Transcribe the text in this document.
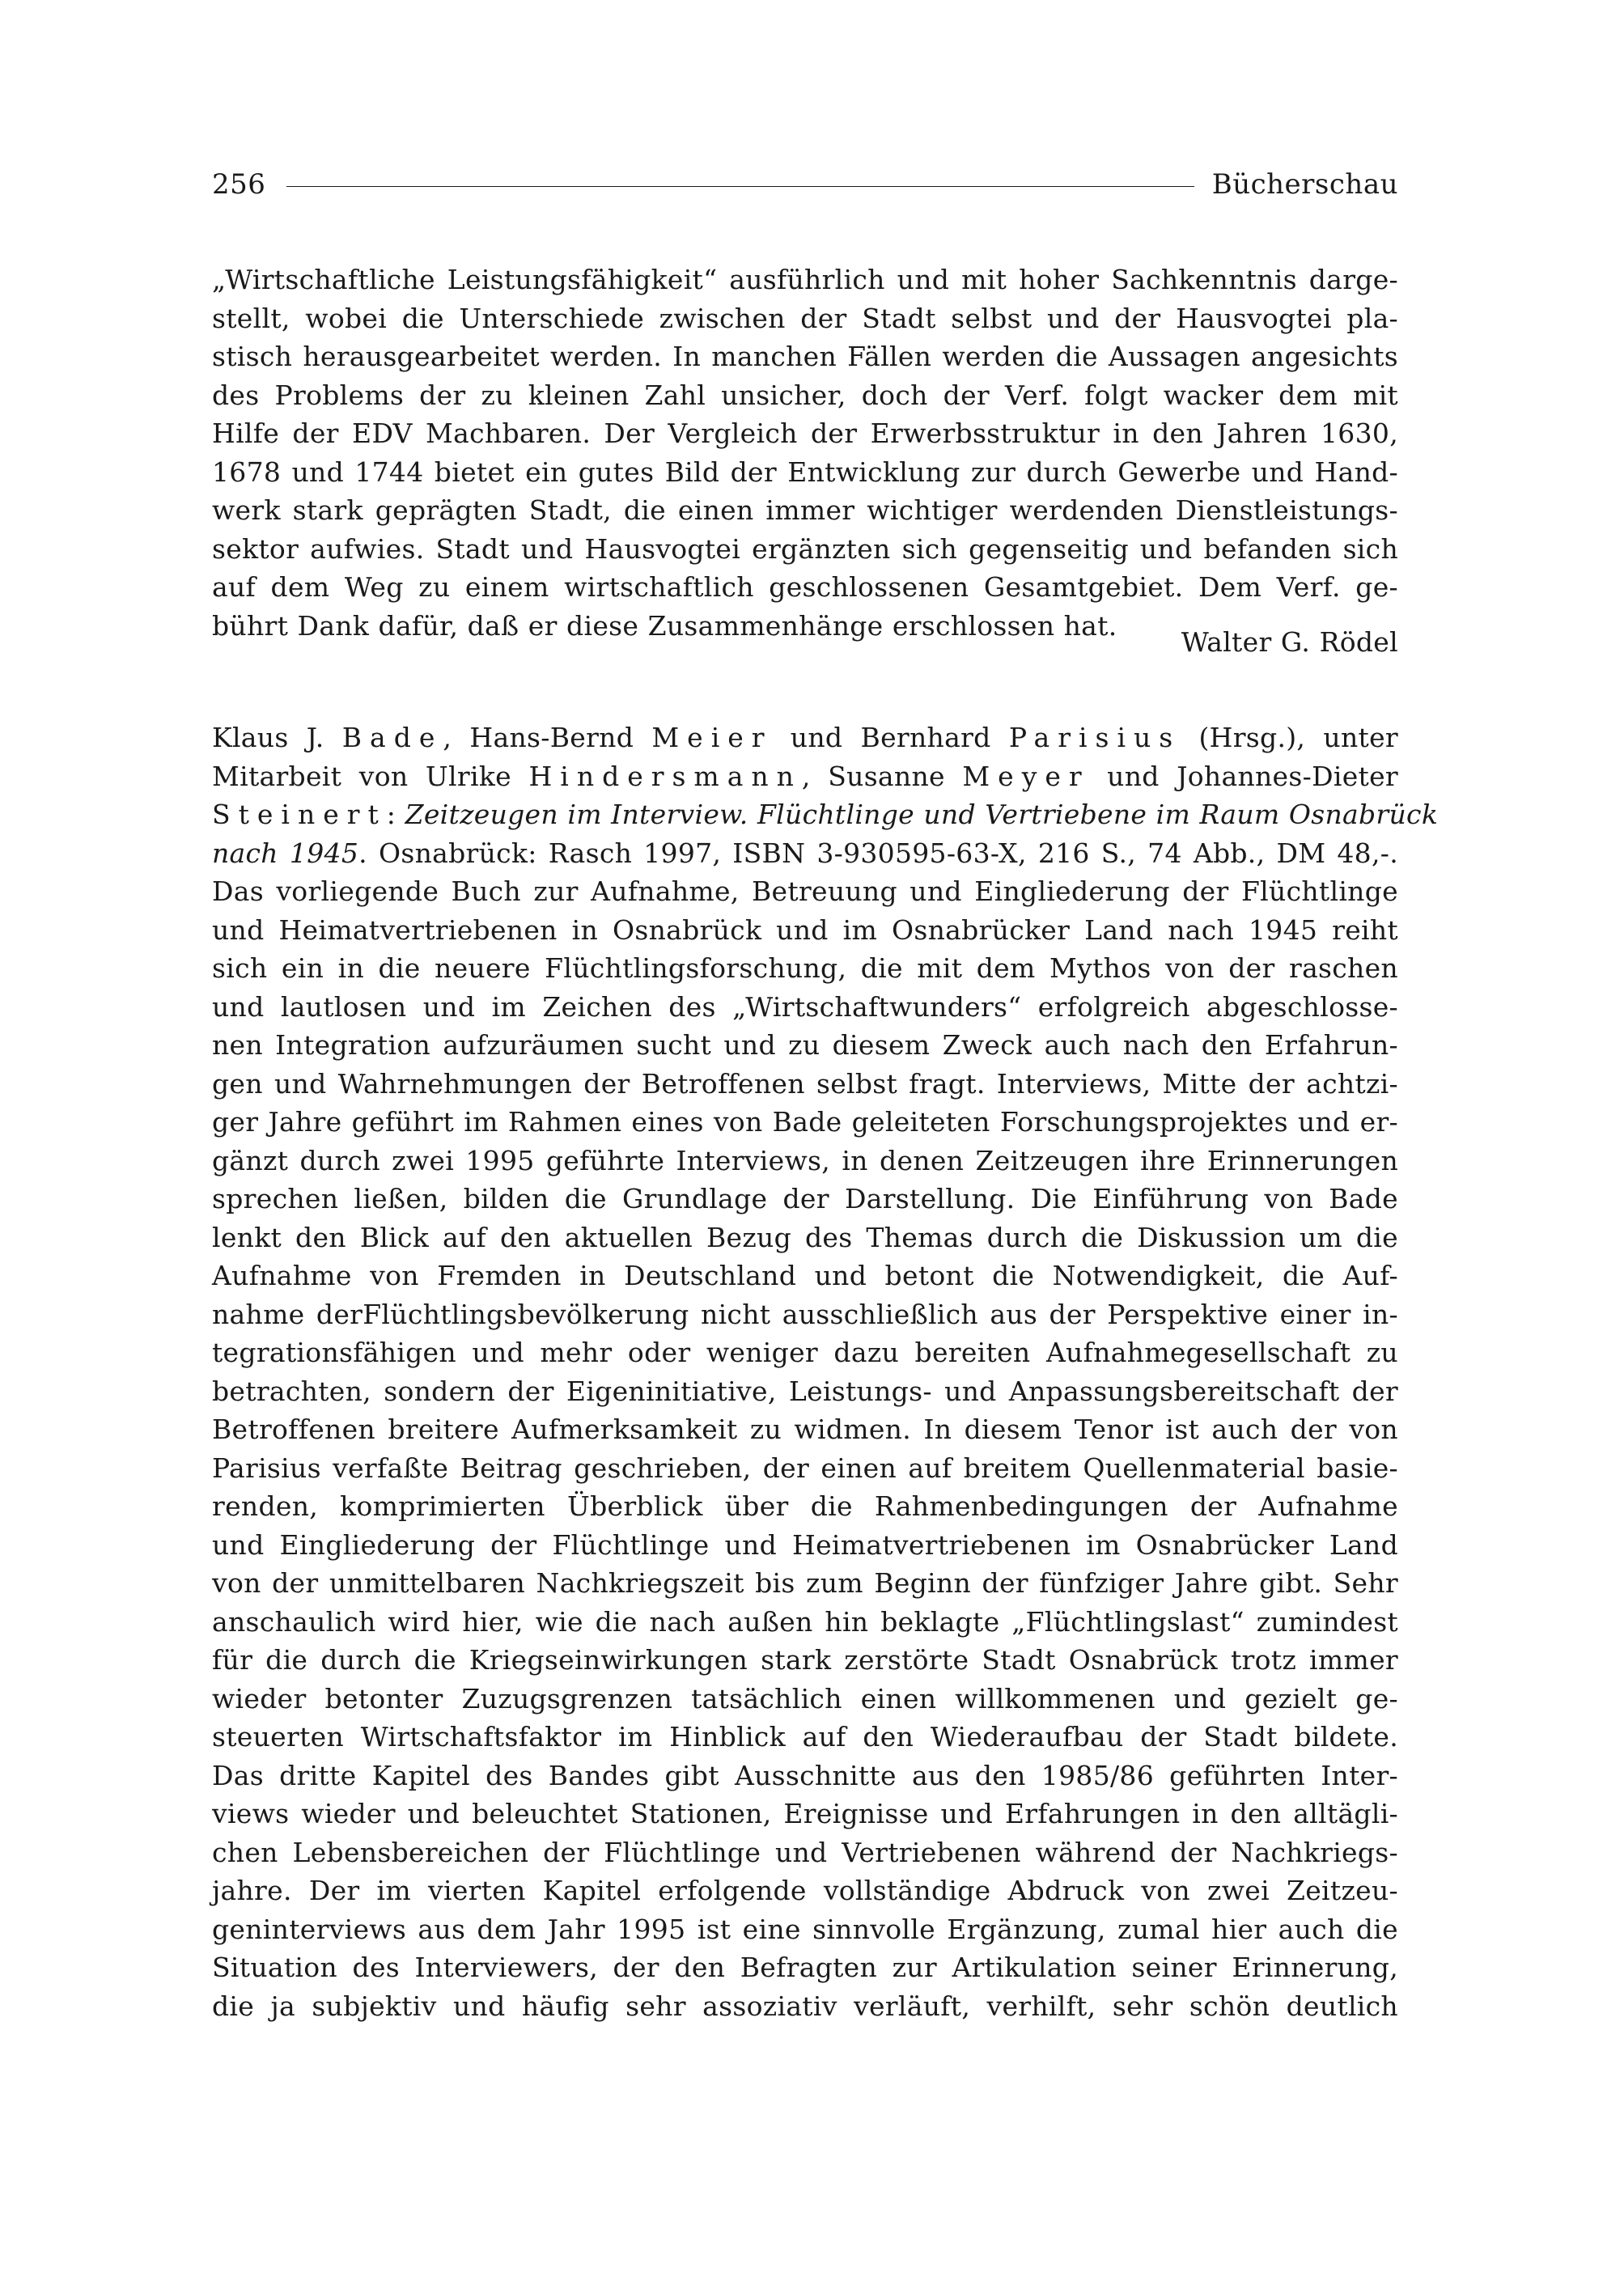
256	Bücherschau
„Wirtschaftliche Leistungsfähigkeit“ ausführlich und mit hoher Sachkenntnis darge-
stellt, wobei die Unterschiede zwischen der Stadt selbst und der Hausvogtei pla-
stisch herausgearbeitet werden. In manchen Fällen werden die Aussagen angesichts
des Problems der zu kleinen Zahl unsicher, doch der Verf. folgt wacker dem mit
Hilfe der EDV Machbaren. Der Vergleich der Erwerbsstruktur in den Jahren 1630,
1678 und 1744 bietet ein gutes Bild der Entwicklung zur durch Gewerbe und Hand-
werk stark geprägten Stadt, die einen immer wichtiger werdenden Dienstleistungs-
sektor aufwies. Stadt und Hausvogtei ergänzten sich gegenseitig und befanden sich
auf dem Weg zu einem wirtschaftlich geschlossenen Gesamtgebiet. Dem Verf. ge-
bührt Dank dafür, daß er diese Zusammenhänge erschlossen hat.
Walter G. Rödel
Klaus J. Bade, Hans-Bernd Meier und Bernhard Parisius (Hrsg.), unter
Mitarbeit von Ulrike Hindersmann, Susanne Meyer und Johannes-Dieter
Steinert: Zeitzeugen im Interview. Flüchtlinge und Vertriebene im Raum Osnabrück
nach 1945. Osnabrück: Rasch 1997, ISBN 3-930595-63-X, 216 S., 74 Abb., DM 48,-.
Das vorliegende Buch zur Aufnahme, Betreuung und Eingliederung der Flüchtlinge
und Heimatvertriebenen in Osnabrück und im Osnabrücker Land nach 1945 reiht
sich ein in die neuere Flüchtlingsforschung, die mit dem Mythos von der raschen
und lautlosen und im Zeichen des „Wirtschaftwunders“ erfolgreich abgeschlosse-
nen Integration aufzuräumen sucht und zu diesem Zweck auch nach den Erfahrun-
gen und Wahrnehmungen der Betroffenen selbst fragt. Interviews, Mitte der achtzi-
ger Jahre geführt im Rahmen eines von Bade geleiteten Forschungsprojektes und er-
gänzt durch zwei 1995 geführte Interviews, in denen Zeitzeugen ihre Erinnerungen
sprechen ließen, bilden die Grundlage der Darstellung. Die Einführung von Bade
lenkt den Blick auf den aktuellen Bezug des Themas durch die Diskussion um die
Aufnahme von Fremden in Deutschland und betont die Notwendigkeit, die Auf-
nahme derFlüchtlingsbevölkerung nicht ausschließlich aus der Perspektive einer in-
tegrationsfähigen und mehr oder weniger dazu bereiten Aufnahmegesellschaft zu
betrachten, sondern der Eigeninitiative, Leistungs- und Anpassungsbereitschaft der
Betroffenen breitere Aufmerksamkeit zu widmen. In diesem Tenor ist auch der von
Parisius verfaßte Beitrag geschrieben, der einen auf breitem Quellenmaterial basie-
renden, komprimierten Überblick über die Rahmenbedingungen der Aufnahme
und Eingliederung der Flüchtlinge und Heimatvertriebenen im Osnabrücker Land
von der unmittelbaren Nachkriegszeit bis zum Beginn der fünfziger Jahre gibt. Sehr
anschaulich wird hier, wie die nach außen hin beklagte „Flüchtlingslast“ zumindest
für die durch die Kriegseinwirkungen stark zerstörte Stadt Osnabrück trotz immer
wieder betonter Zuzugsgrenzen tatsächlich einen willkommenen und gezielt ge-
steuerten Wirtschaftsfaktor im Hinblick auf den Wiederaufbau der Stadt bildete.
Das dritte Kapitel des Bandes gibt Ausschnitte aus den 1985/86 geführten Inter-
views wieder und beleuchtet Stationen, Ereignisse und Erfahrungen in den alltägli-
chen Lebensbereichen der Flüchtlinge und Vertriebenen während der Nachkriegs-
jahre. Der im vierten Kapitel erfolgende vollständige Abdruck von zwei Zeitzeu-
geninterviews aus dem Jahr 1995 ist eine sinnvolle Ergänzung, zumal hier auch die
Situation des Interviewers, der den Befragten zur Artikulation seiner Erinnerung,
die ja subjektiv und häufig sehr assoziativ verläuft, verhilft, sehr schön deutlich
